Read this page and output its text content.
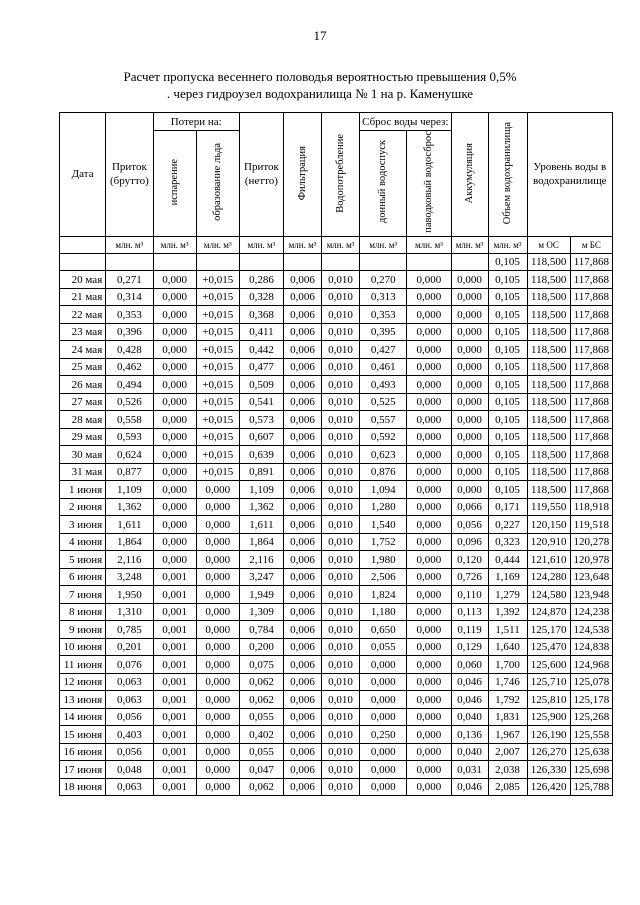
17
Расчет пропуска весеннего половодья вероятностью превышения 0,5%
. через гидроузел водохранилища № 1 на р. Каменушке
Дата	Приток (брутто)	Потери на:		Приток (нетто)	Фильтрация	Водопотребление	Сброс воды через:		Аккумуляция	Объем водохранилища	Уровень воды в водохранилище	
		испарение	образование льда				донный водоспуск	паводковый водосброс				
	млн. м³	млн. м³	млн. м³	млн. м³	млн. м³	млн. м³	млн. м³	млн. м³	млн. м³	млн. м³	м ОС	м БС
										0,105	118,500	117,868
20 мая	0,271	0,000	+0,015	0,286	0,006	0,010	0,270	0,000	0,000	0,105	118,500	117,868
21 мая	0,314	0,000	+0,015	0,328	0,006	0,010	0,313	0,000	0,000	0,105	118,500	117,868
22 мая	0,353	0,000	+0,015	0,368	0,006	0,010	0,353	0,000	0,000	0,105	118,500	117,868
23 мая	0,396	0,000	+0,015	0,411	0,006	0,010	0,395	0,000	0,000	0,105	118,500	117,868
24 мая	0,428	0,000	+0,015	0,442	0,006	0,010	0,427	0,000	0,000	0,105	118,500	117,868
25 мая	0,462	0,000	+0,015	0,477	0,006	0,010	0,461	0,000	0,000	0,105	118,500	117,868
26 мая	0,494	0,000	+0,015	0,509	0,006	0,010	0,493	0,000	0,000	0,105	118,500	117,868
27 мая	0,526	0,000	+0,015	0,541	0,006	0,010	0,525	0,000	0,000	0,105	118,500	117,868
28 мая	0,558	0,000	+0,015	0,573	0,006	0,010	0,557	0,000	0,000	0,105	118,500	117,868
29 мая	0,593	0,000	+0,015	0,607	0,006	0,010	0,592	0,000	0,000	0,105	118,500	117,868
30 мая	0,624	0,000	+0,015	0,639	0,006	0,010	0,623	0,000	0,000	0,105	118,500	117,868
31 мая	0,877	0,000	+0,015	0,891	0,006	0,010	0,876	0,000	0,000	0,105	118,500	117,868
1 июня	1,109	0,000	0,000	1,109	0,006	0,010	1,094	0,000	0,000	0,105	118,500	117,868
2 июня	1,362	0,000	0,000	1,362	0,006	0,010	1,280	0,000	0,066	0,171	119,550	118,918
3 июня	1,611	0,000	0,000	1,611	0,006	0,010	1,540	0,000	0,056	0,227	120,150	119,518
4 июня	1,864	0,000	0,000	1,864	0,006	0,010	1,752	0,000	0,096	0,323	120,910	120,278
5 июня	2,116	0,000	0,000	2,116	0,006	0,010	1,980	0,000	0,120	0,444	121,610	120,978
6 июня	3,248	0,001	0,000	3,247	0,006	0,010	2,506	0,000	0,726	1,169	124,280	123,648
7 июня	1,950	0,001	0,000	1,949	0,006	0,010	1,824	0,000	0,110	1,279	124,580	123,948
8 июня	1,310	0,001	0,000	1,309	0,006	0,010	1,180	0,000	0,113	1,392	124,870	124,238
9 июня	0,785	0,001	0,000	0,784	0,006	0,010	0,650	0,000	0,119	1,511	125,170	124,538
10 июня	0,201	0,001	0,000	0,200	0,006	0,010	0,055	0,000	0,129	1,640	125,470	124,838
11 июня	0,076	0,001	0,000	0,075	0,006	0,010	0,000	0,000	0,060	1,700	125,600	124,968
12 июня	0,063	0,001	0,000	0,062	0,006	0,010	0,000	0,000	0,046	1,746	125,710	125,078
13 июня	0,063	0,001	0,000	0,062	0,006	0,010	0,000	0,000	0,046	1,792	125,810	125,178
14 июня	0,056	0,001	0,000	0,055	0,006	0,010	0,000	0,000	0,040	1,831	125,900	125,268
15 июня	0,403	0,001	0,000	0,402	0,006	0,010	0,250	0,000	0,136	1,967	126,190	125,558
16 июня	0,056	0,001	0,000	0,055	0,006	0,010	0,000	0,000	0,040	2,007	126,270	125,638
17 июня	0,048	0,001	0,000	0,047	0,006	0,010	0,000	0,000	0,031	2,038	126,330	125,698
18 июня	0,063	0,001	0,000	0,062	0,006	0,010	0,000	0,000	0,046	2,085	126,420	125,788
